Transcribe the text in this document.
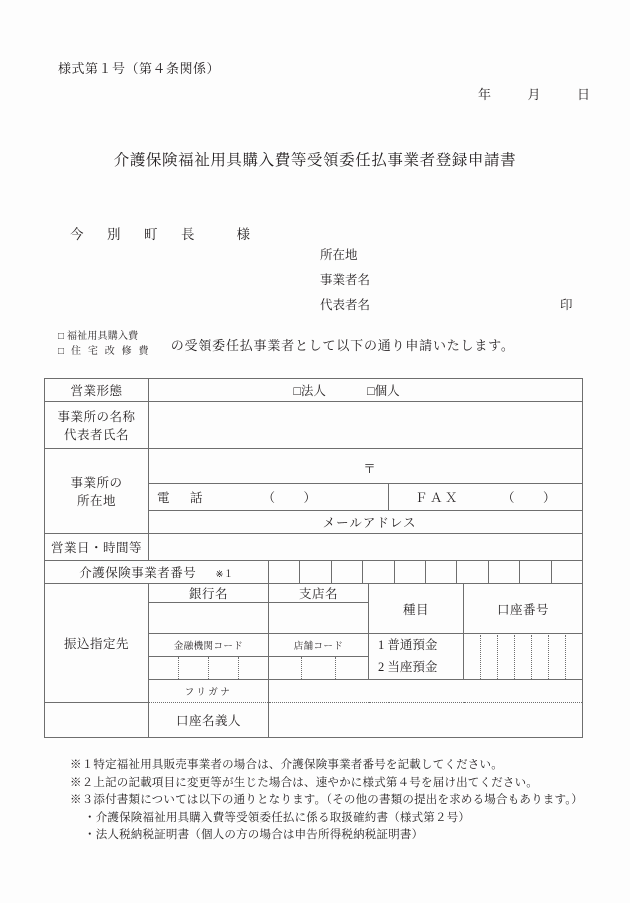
様式第１号（第４条関係）
年	月	日
介護保険福祉用具購入費等受領委任払事業者登録申請書
今　別　町　長　　様
所在地
事業者名
代表者名	印
□ 福祉用具購入費
□ 住 宅 改 修 費 の受領委任払事業者として以下の通り申請いたします。
営業形態	□法人 □個人				

事業所の名称
代表者氏名					

事業所の
所在地	〒				

	電　話 （　）			ＦＡＸ （　）	

	メールアドレス				

営業日・時間等					
介護保険事業者番号 ※１					

振込指定先	銀行名	支店名	種目		口座番号

	金融機関コード	店舗コード	1 普通預金		

			2 当座預金		

	フリガナ				
	口座名義人				
※１特定福祉用具販売事業者の場合は、介護保険事業者番号を記載してください。
※２上記の記載項目に変更等が生じた場合は、速やかに様式第４号を届け出てください。
※３添付書類については以下の通りとなります。（その他の書類の提出を求める場合もあります。）
・介護保険福祉用具購入費等受領委任払に係る取扱確約書（様式第２号）
・法人税納税証明書（個人の方の場合は申告所得税納税証明書）
